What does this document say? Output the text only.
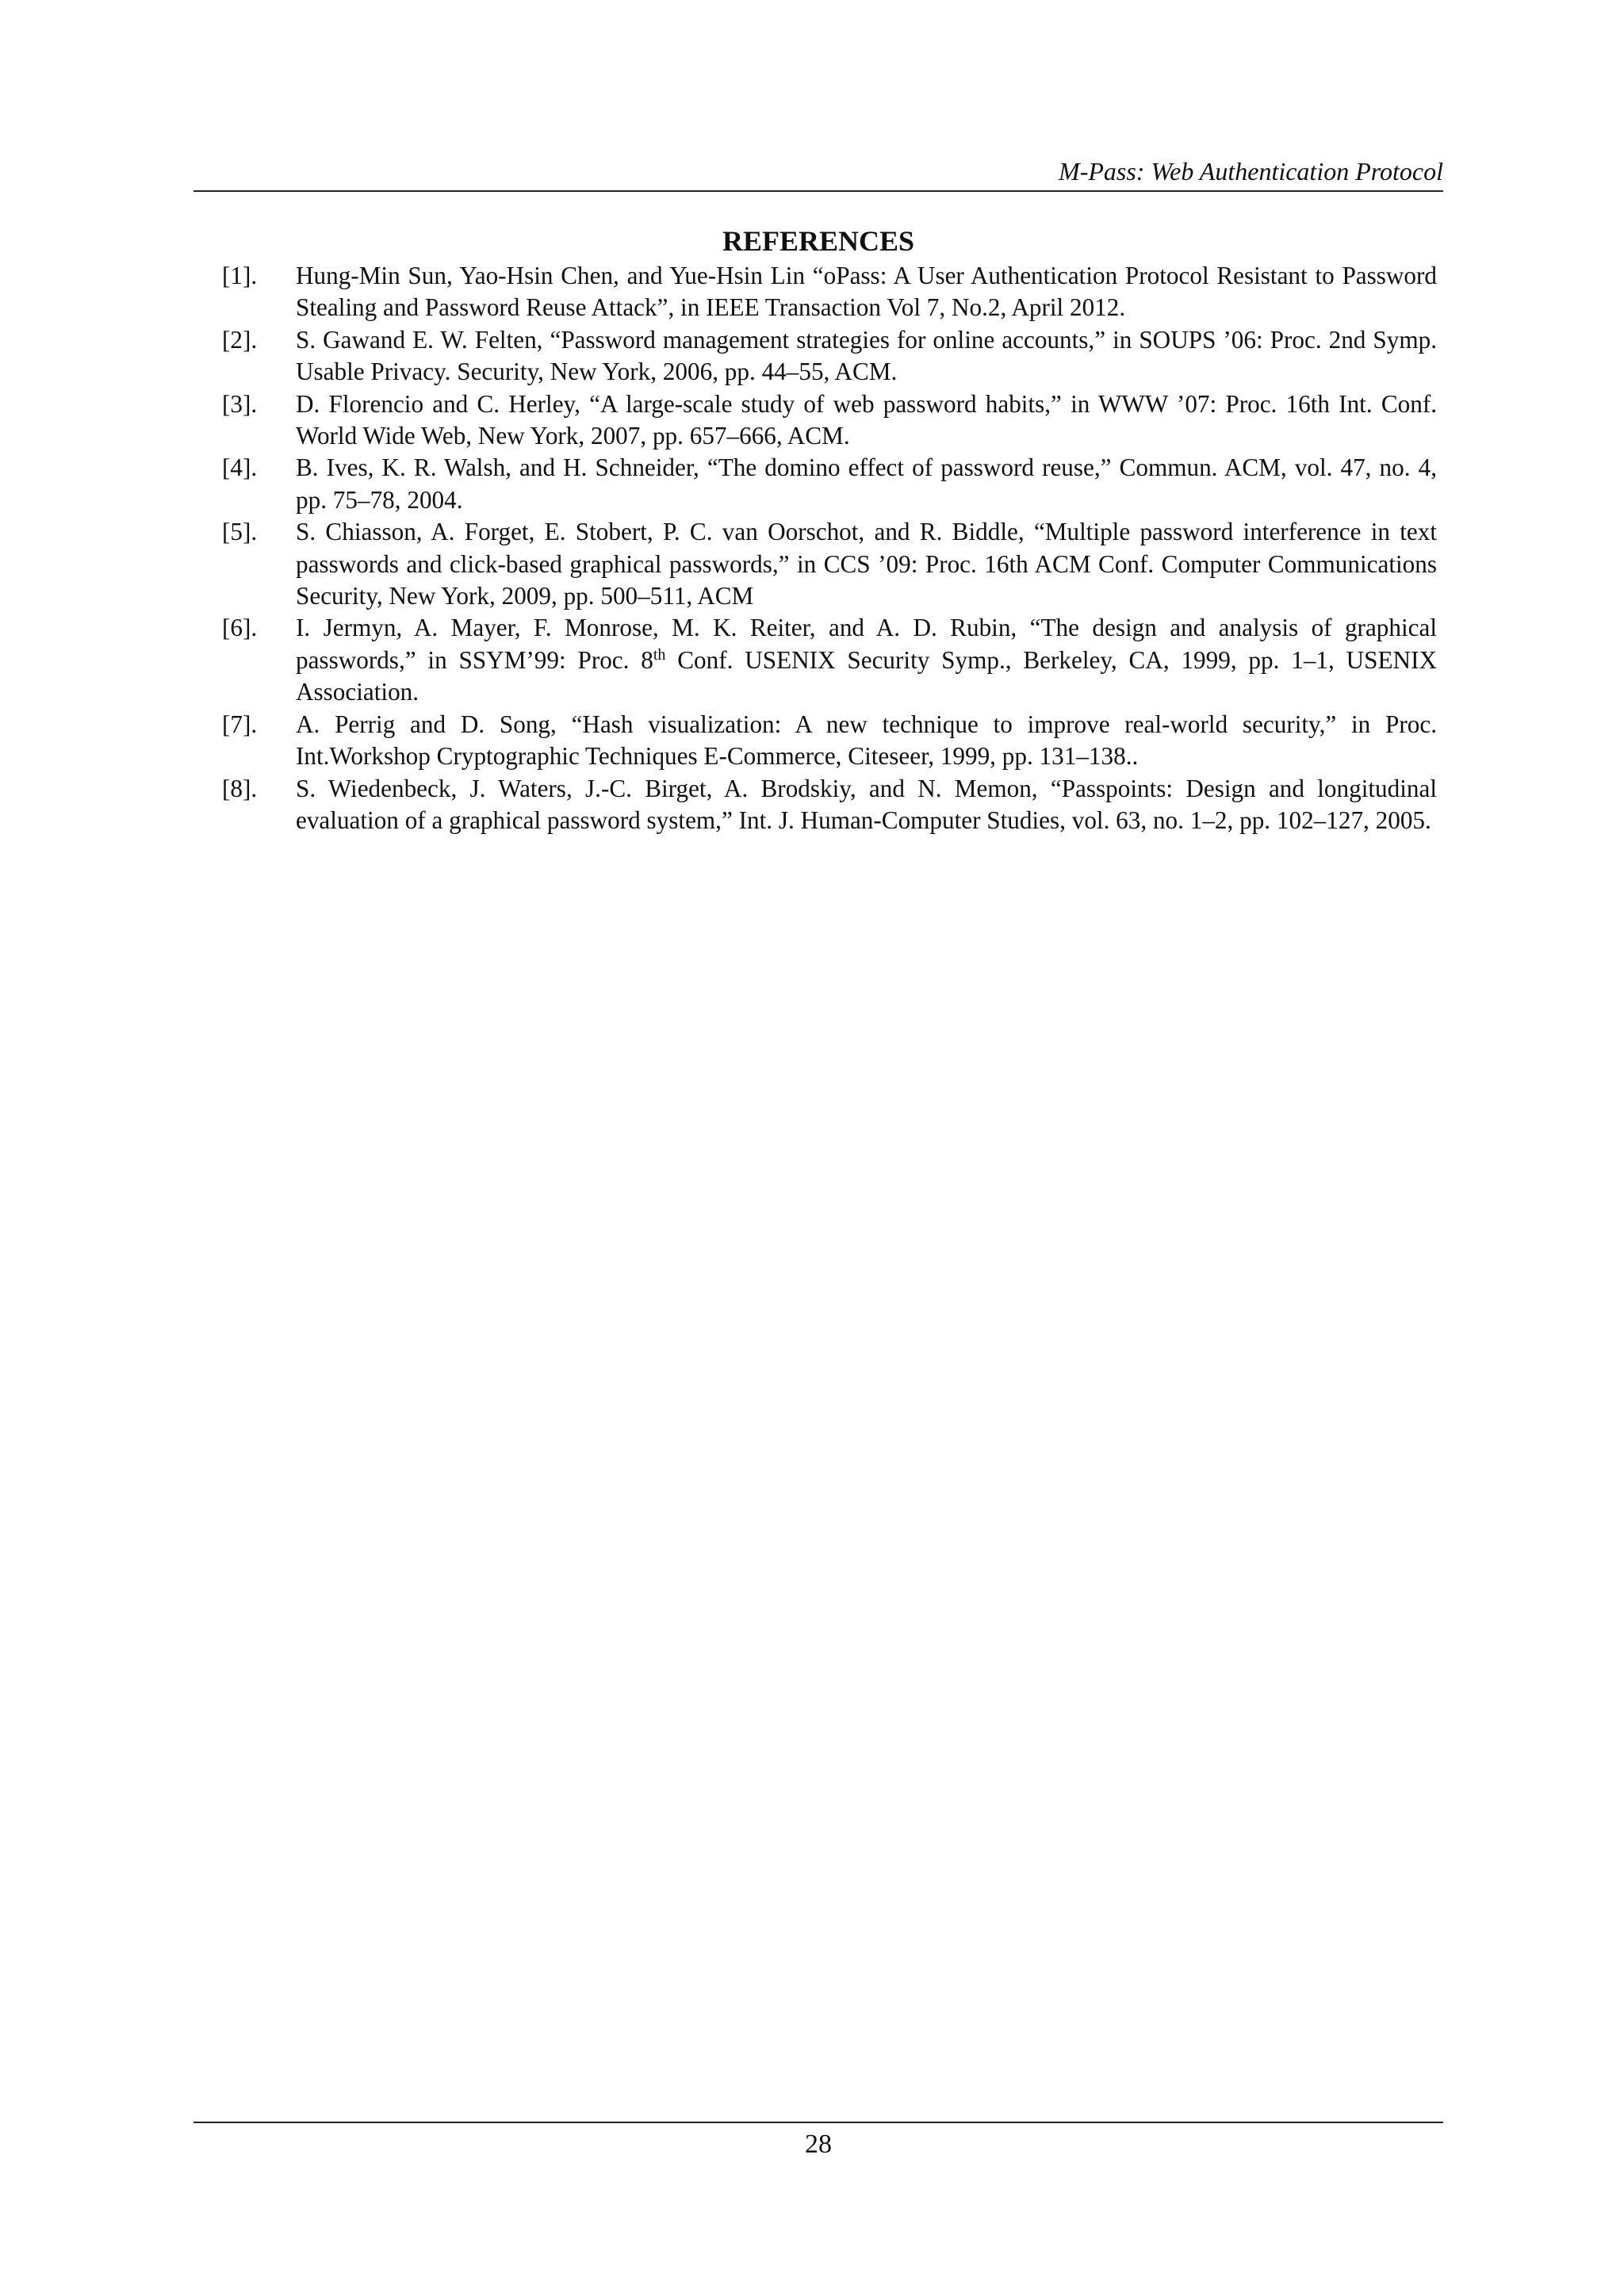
M-Pass: Web Authentication Protocol
REFERENCES
[1]. Hung-Min Sun, Yao-Hsin Chen, and Yue-Hsin Lin “oPass: A User Authentication Protocol Resistant to Password Stealing and Password Reuse Attack”, in IEEE Transaction Vol 7, No.2, April 2012.
[2]. S. Gawand E. W. Felten, “Password management strategies for online accounts,” in SOUPS ’06: Proc. 2nd Symp. Usable Privacy. Security, New York, 2006, pp. 44–55, ACM.
[3]. D. Florencio and C. Herley, “A large-scale study of web password habits,” in WWW ’07: Proc. 16th Int. Conf. World Wide Web, New York, 2007, pp. 657–666, ACM.
[4]. B. Ives, K. R. Walsh, and H. Schneider, “The domino effect of password reuse,” Commun. ACM, vol. 47, no. 4, pp. 75–78, 2004.
[5]. S. Chiasson, A. Forget, E. Stobert, P. C. van Oorschot, and R. Biddle, “Multiple password interference in text passwords and click-based graphical passwords,” in CCS ’09: Proc. 16th ACM Conf. Computer Communications Security, New York, 2009, pp. 500–511, ACM
[6]. I. Jermyn, A. Mayer, F. Monrose, M. K. Reiter, and A. D. Rubin, “The design and analysis of graphical passwords,” in SSYM’99: Proc. 8th Conf. USENIX Security Symp., Berkeley, CA, 1999, pp. 1–1, USENIX Association.
[7]. A. Perrig and D. Song, “Hash visualization: A new technique to improve real-world security,” in Proc. Int.Workshop Cryptographic Techniques E-Commerce, Citeseer, 1999, pp. 131–138..
[8]. S. Wiedenbeck, J. Waters, J.-C. Birget, A. Brodskiy, and N. Memon, “Passpoints: Design and longitudinal evaluation of a graphical password system,” Int. J. Human-Computer Studies, vol. 63, no. 1–2, pp. 102–127, 2005.
28
